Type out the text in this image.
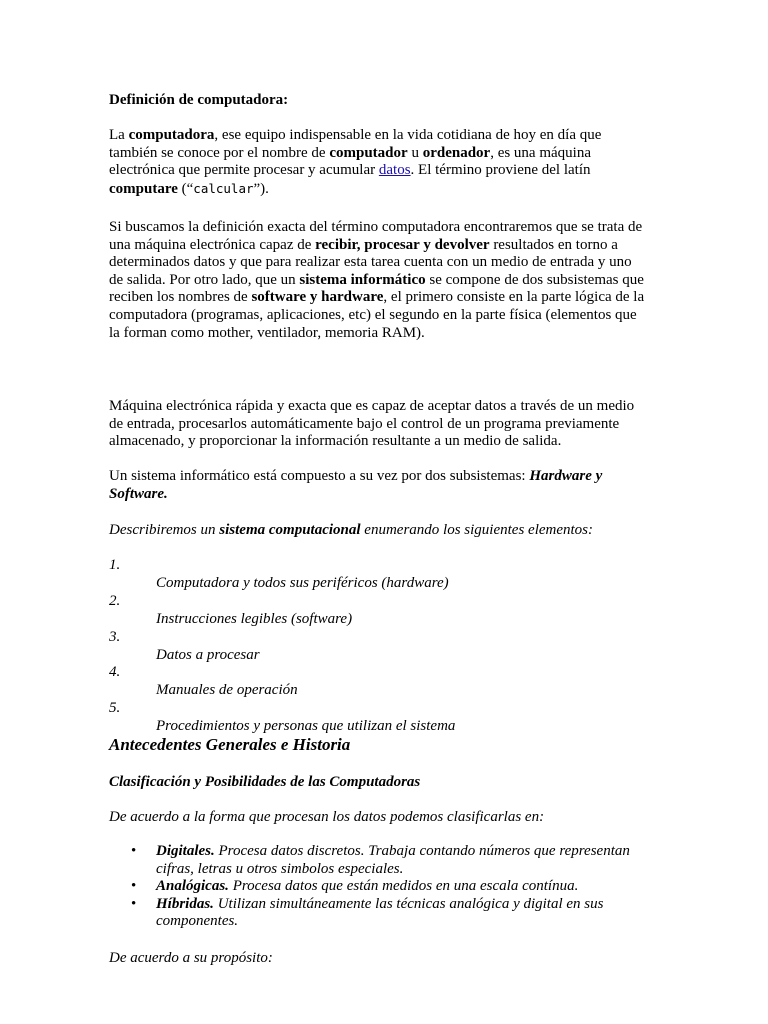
Definición de computadora:

La computadora, ese equipo indispensable en la vida cotidiana de hoy en día que también se conoce por el nombre de computador u ordenador, es una máquina electrónica que permite procesar y acumular datos. El término proviene del latín computare (“calcular”).

Si buscamos la definición exacta del término computadora encontraremos que se trata de una máquina electrónica capaz de recibir, procesar y devolver resultados en torno a determinados datos y que para realizar esta tarea cuenta con un medio de entrada y uno de salida. Por otro lado, que un sistema informático se compone de dos subsistemas que reciben los nombres de software y hardware, el primero consiste en la parte lógica de la computadora (programas, aplicaciones, etc) el segundo en la parte física (elementos que la forman como mother, ventilador, memoria RAM).

Máquina electrónica rápida y exacta que es capaz de aceptar datos a través de un medio de entrada, procesarlos automáticamente bajo el control de un programa previamente almacenado, y proporcionar la información resultante a un medio de salida.

Un sistema informático está compuesto a su vez por dos subsistemas: Hardware y Software.

Describiremos un sistema computacional enumerando los siguientes elementos:

1.
Computadora y todos sus periféricos (hardware)
2.
Instrucciones legibles (software)
3.
Datos a procesar
4.
Manuales de operación
5.
Procedimientos y personas que utilizan el sistema
Antecedentes Generales e Historia

Clasificación y Posibilidades de las Computadoras

De acuerdo a la forma que procesan los datos podemos clasificarlas en:

• Digitales. Procesa datos discretos. Trabaja contando números que representan cifras, letras u otros simbolos especiales.
• Analógicas. Procesa datos que están medidos en una escala contínua.
• Híbridas. Utilizan simultáneamente las técnicas analógica y digital en sus componentes.

De acuerdo a su propósito:
